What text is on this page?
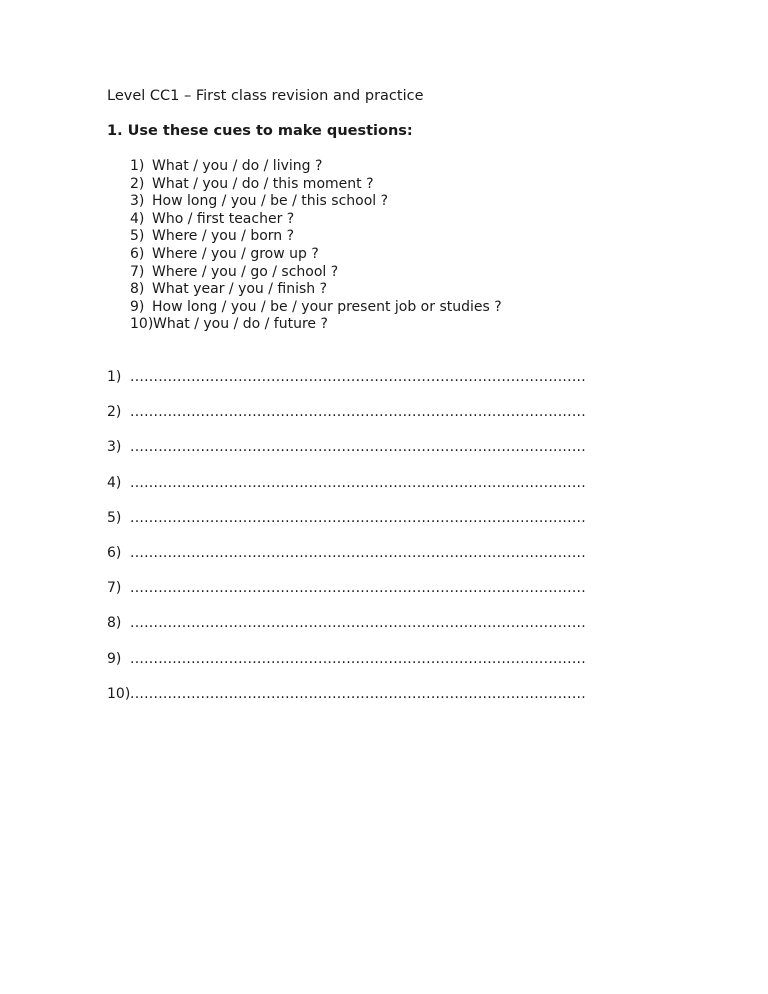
Level CC1 – First class revision and practice
1. Use these cues to make questions:
1) What / you / do / living ?
2) What / you / do / this moment ?
3) How long / you / be / this school ?
4) Who / first teacher ?
5) Where / you / born ?
6) Where / you / grow up ?
7) Where / you / go / school ?
8) What year / you / finish ?
9) How long / you / be / your present job or studies ?
10) What / you / do / future ?
1) .................................................................................................
2) .................................................................................................
3) .................................................................................................
4) .................................................................................................
5) .................................................................................................
6) .................................................................................................
7) .................................................................................................
8) .................................................................................................
9) .................................................................................................
10) .................................................................................................
